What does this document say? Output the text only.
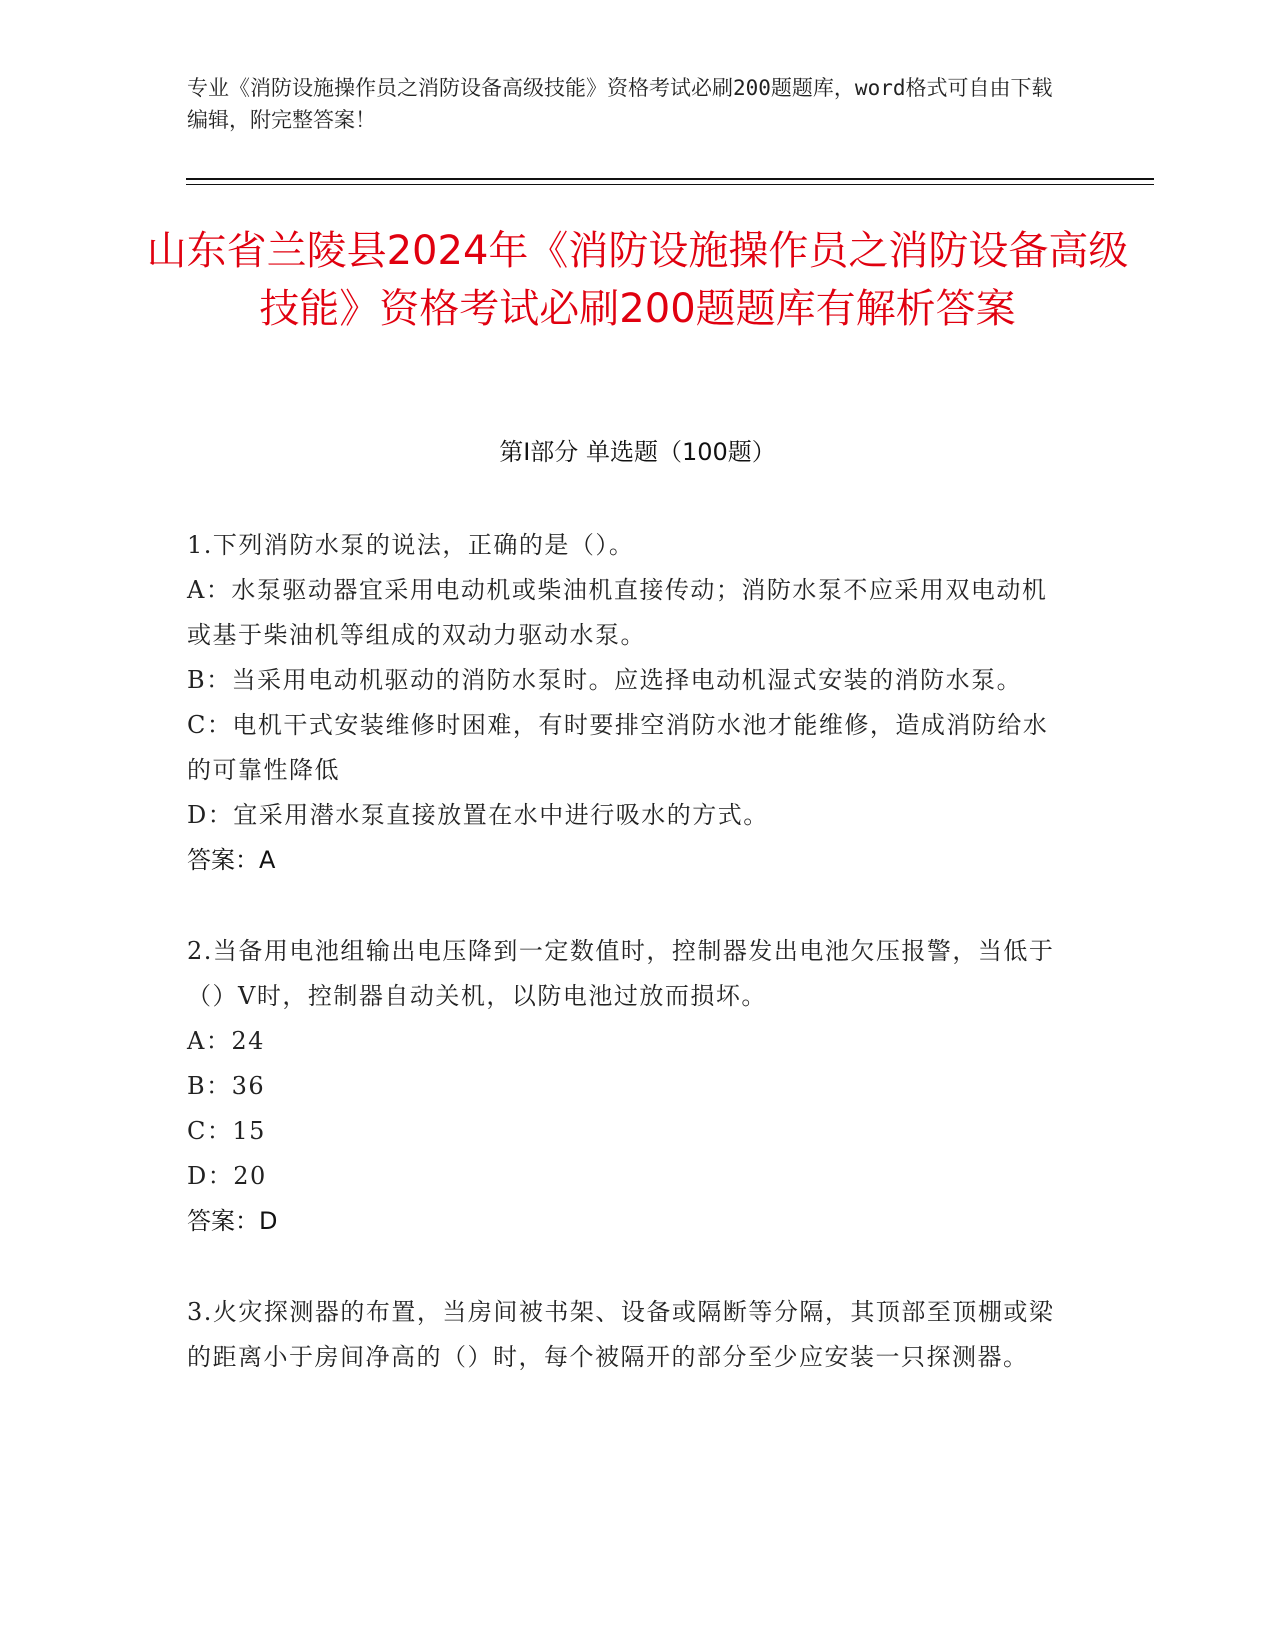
专业《消防设施操作员之消防设备高级技能》资格考试必刷200题题库，word格式可自由下载编辑，附完整答案！
山东省兰陵县2024年《消防设施操作员之消防设备高级技能》资格考试必刷200题题库有解析答案
第Ⅰ部分 单选题（100题）
1.下列消防水泵的说法，正确的是（）。
A：水泵驱动器宜采用电动机或柴油机直接传动；消防水泵不应采用双电动机或基于柴油机等组成的双动力驱动水泵。
B：当采用电动机驱动的消防水泵时。应选择电动机湿式安装的消防水泵。
C：电机干式安装维修时困难，有时要排空消防水池才能维修，造成消防给水的可靠性降低
D：宜采用潜水泵直接放置在水中进行吸水的方式。
答案：A
2.当备用电池组输出电压降到一定数值时，控制器发出电池欠压报警，当低于（）V时，控制器自动关机，以防电池过放而损坏。
A：24
B：36
C：15
D：20
答案：D
3.火灾探测器的布置，当房间被书架、设备或隔断等分隔，其顶部至顶棚或梁的距离小于房间净高的（）时，每个被隔开的部分至少应安装一只探测器。
